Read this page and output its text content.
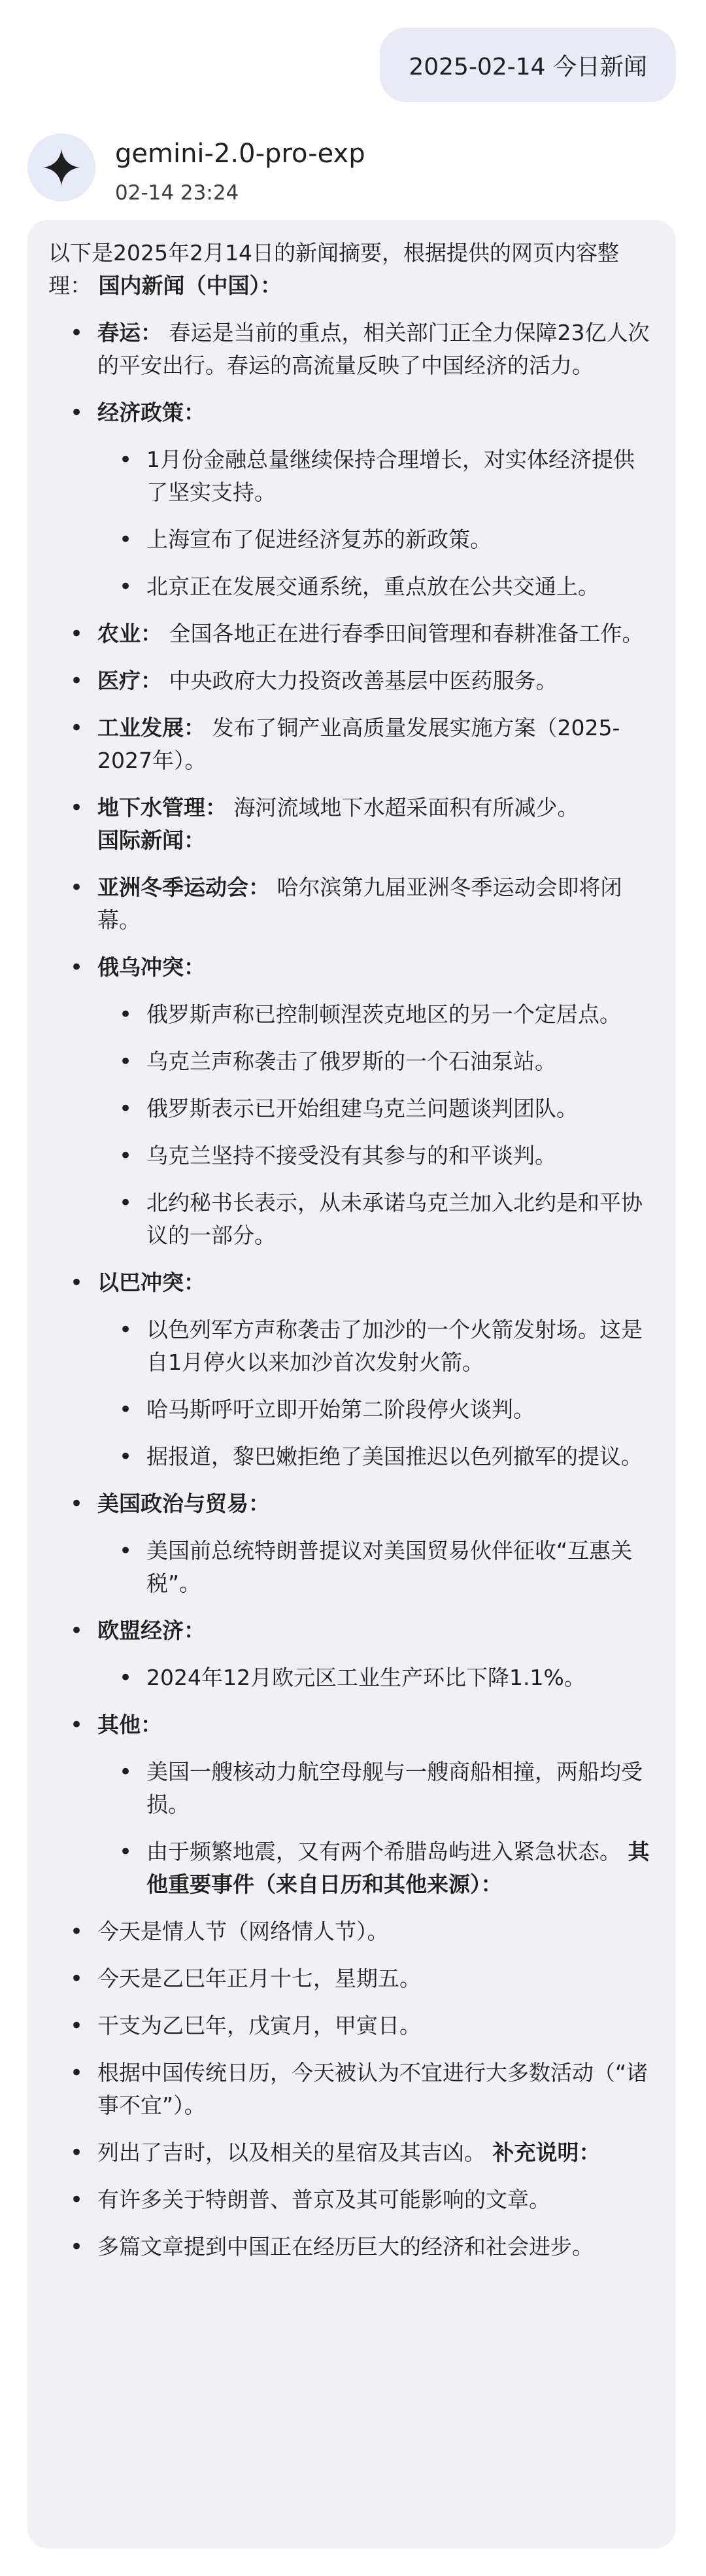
2025-02-14 今日新闻
gemini-2.0-pro-exp
02-14 23:24
以下是2025年2月14日的新闻摘要，根据提供的网页内容整理： 国内新闻（中国）：
• 春运： 春运是当前的重点，相关部门正全力保障23亿人次的平安出行。春运的高流量反映了中国经济的活力。
• 经济政策：
• 1月份金融总量继续保持合理增长，对实体经济提供了坚实支持。
• 上海宣布了促进经济复苏的新政策。
• 北京正在发展交通系统，重点放在公共交通上。
• 农业： 全国各地正在进行春季田间管理和春耕准备工作。
• 医疗： 中央政府大力投资改善基层中医药服务。
• 工业发展： 发布了铜产业高质量发展实施方案（2025-2027年）。
• 地下水管理： 海河流域地下水超采面积有所减少。
国际新闻：
• 亚洲冬季运动会： 哈尔滨第九届亚洲冬季运动会即将闭幕。
• 俄乌冲突：
• 俄罗斯声称已控制顿涅茨克地区的另一个定居点。
• 乌克兰声称袭击了俄罗斯的一个石油泵站。
• 俄罗斯表示已开始组建乌克兰问题谈判团队。
• 乌克兰坚持不接受没有其参与的和平谈判。
• 北约秘书长表示，从未承诺乌克兰加入北约是和平协议的一部分。
• 以巴冲突：
• 以色列军方声称袭击了加沙的一个火箭发射场。这是自1月停火以来加沙首次发射火箭。
• 哈马斯呼吁立即开始第二阶段停火谈判。
• 据报道，黎巴嫩拒绝了美国推迟以色列撤军的提议。
• 美国政治与贸易：
• 美国前总统特朗普提议对美国贸易伙伴征收“互惠关税”。
• 欧盟经济：
• 2024年12月欧元区工业生产环比下降1.1%。
• 其他：
• 美国一艘核动力航空母舰与一艘商船相撞，两船均受损。
• 由于频繁地震，又有两个希腊岛屿进入紧急状态。 其他重要事件（来自日历和其他来源）：
• 今天是情人节（网络情人节）。
• 今天是乙巳年正月十七，星期五。
• 干支为乙巳年，戊寅月，甲寅日。
• 根据中国传统日历，今天被认为不宜进行大多数活动（“诸事不宜”）。
• 列出了吉时，以及相关的星宿及其吉凶。 补充说明：
• 有许多关于特朗普、普京及其可能影响的文章。
• 多篇文章提到中国正在经历巨大的经济和社会进步。
